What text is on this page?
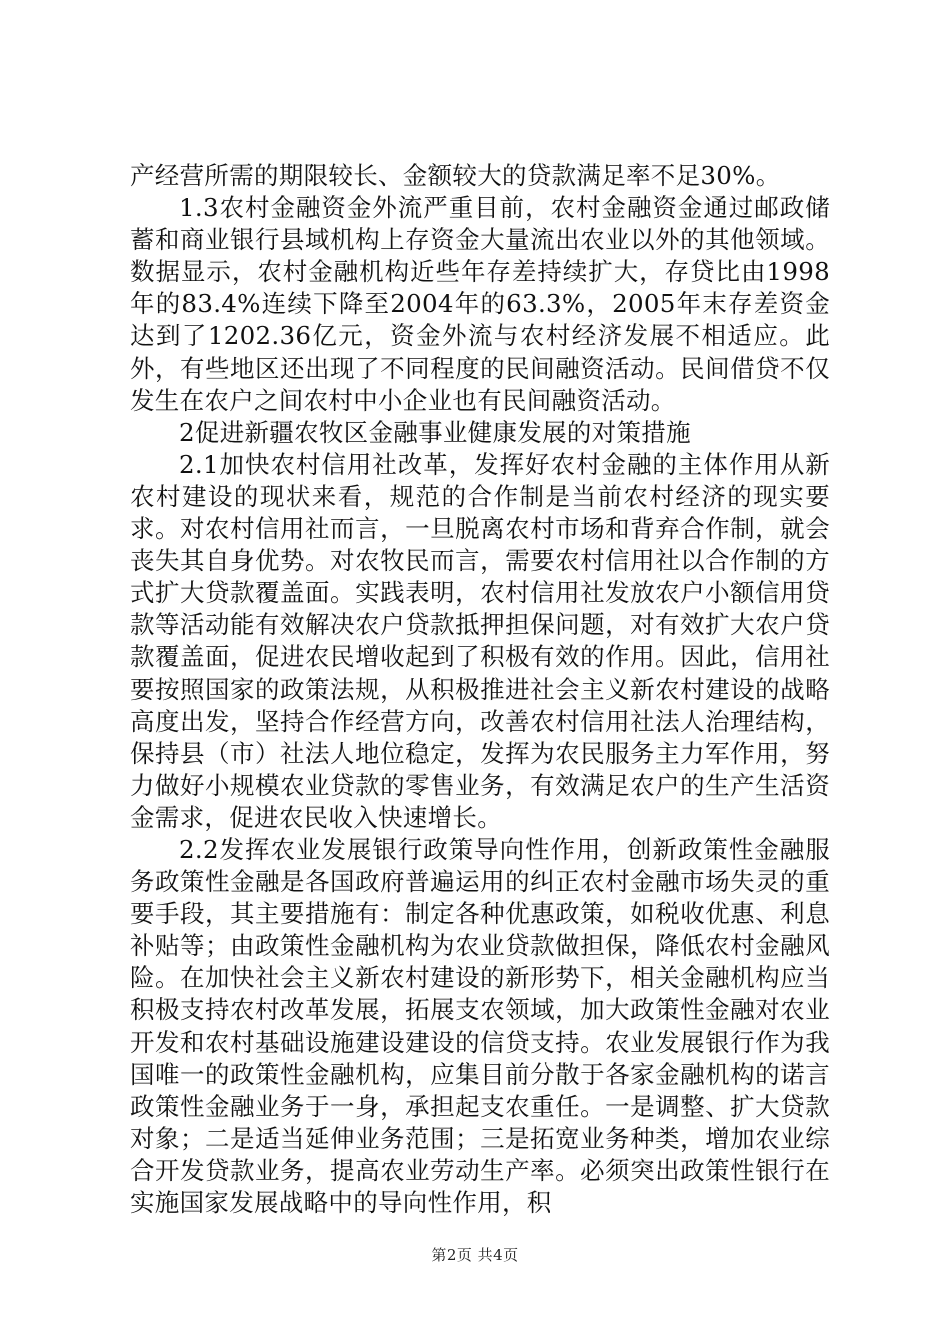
产经营所需的期限较长、金额较大的贷款满足率不足30%。

1.3农村金融资金外流严重目前，农村金融资金通过邮政储蓄和商业银行县域机构上存资金大量流出农业以外的其他领域。数据显示，农村金融机构近些年存差持续扩大，存贷比由1998年的83.4%连续下降至2004年的63.3%，2005年末存差资金达到了1202.36亿元，资金外流与农村经济发展不相适应。此外，有些地区还出现了不同程度的民间融资活动。民间借贷不仅发生在农户之间农村中小企业也有民间融资活动。

2促进新疆农牧区金融事业健康发展的对策措施

2.1加快农村信用社改革，发挥好农村金融的主体作用从新农村建设的现状来看，规范的合作制是当前农村经济的现实要求。对农村信用社而言，一旦脱离农村市场和背弃合作制，就会丧失其自身优势。对农牧民而言，需要农村信用社以合作制的方式扩大贷款覆盖面。实践表明，农村信用社发放农户小额信用贷款等活动能有效解决农户贷款抵押担保问题，对有效扩大农户贷款覆盖面，促进农民增收起到了积极有效的作用。因此，信用社要按照国家的政策法规，从积极推进社会主义新农村建设的战略高度出发，坚持合作经营方向，改善农村信用社法人治理结构，保持县（市）社法人地位稳定，发挥为农民服务主力军作用，努力做好小规模农业贷款的零售业务，有效满足农户的生产生活资金需求，促进农民收入快速增长。

2.2发挥农业发展银行政策导向性作用，创新政策性金融服务政策性金融是各国政府普遍运用的纠正农村金融市场失灵的重要手段，其主要措施有：制定各种优惠政策，如税收优惠、利息补贴等；由政策性金融机构为农业贷款做担保，降低农村金融风险。在加快社会主义新农村建设的新形势下，相关金融机构应当积极支持农村改革发展，拓展支农领域，加大政策性金融对农业开发和农村基础设施建设建设的信贷支持。农业发展银行作为我国唯一的政策性金融机构，应集目前分散于各家金融机构的诺言政策性金融业务于一身，承担起支农重任。一是调整、扩大贷款对象；二是适当延伸业务范围；三是拓宽业务种类，增加农业综合开发贷款业务，提高农业劳动生产率。必须突出政策性银行在实施国家发展战略中的导向性作用，积

第2页 共4页
